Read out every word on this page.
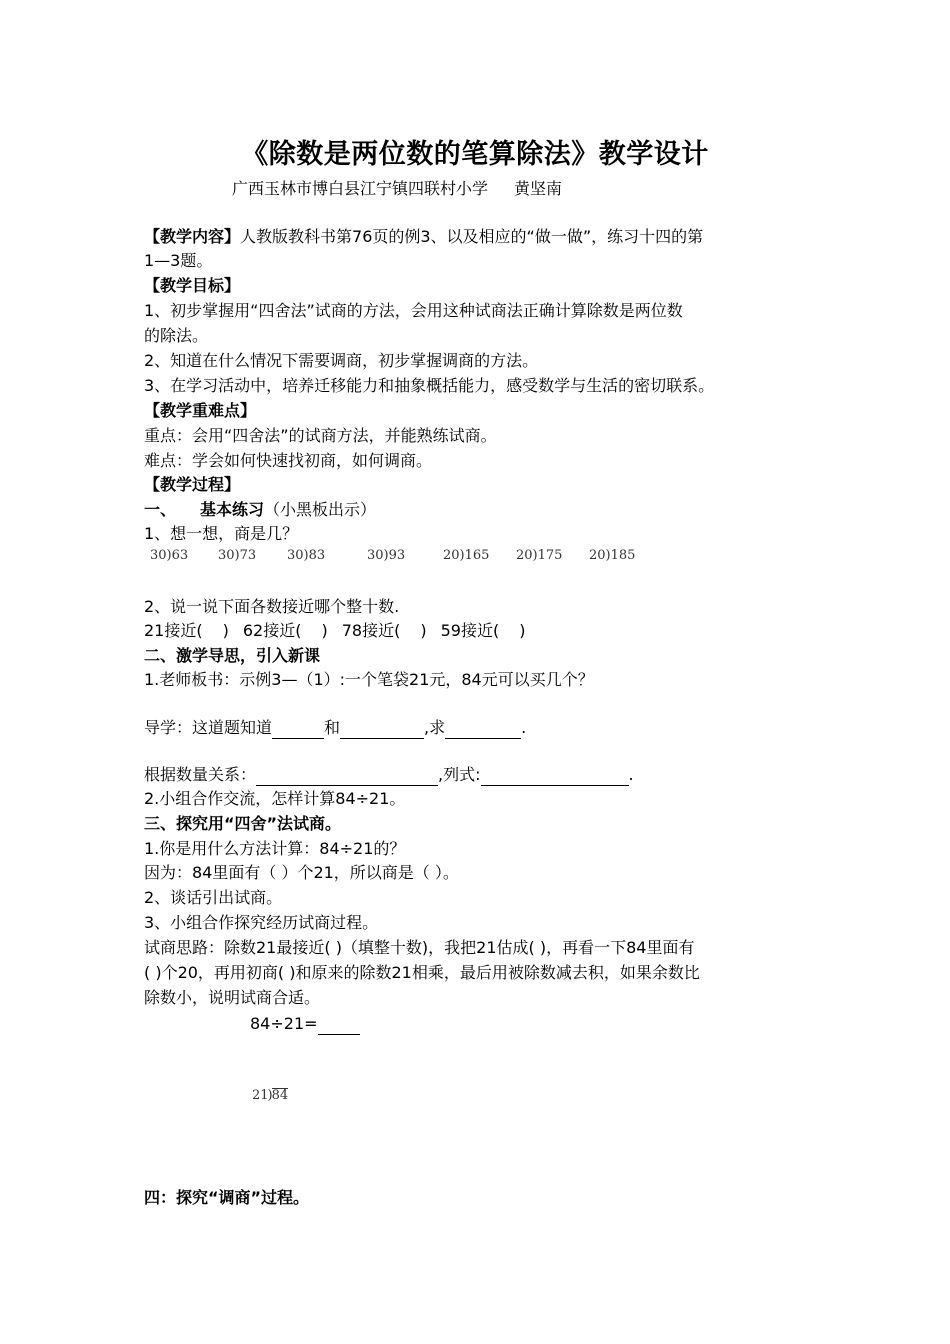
《除数是两位数的笔算除法》教学设计
广西玉林市博白县江宁镇四联村小学 黄坚南
【教学内容】人教版教科书第76页的例3、以及相应的“做一做”，练习十四的第
1—3题。
【教学目标】
1、初步掌握用“四舍法”试商的方法，会用这种试商法正确计算除数是两位数
的除法。
2、知道在什么情况下需要调商，初步掌握调商的方法。
3、在学习活动中，培养迁移能力和抽象概括能力，感受数学与生活的密切联系。
【教学重难点】
重点：会用“四舍法”的试商方法，并能熟练试商。
难点：学会如何快速找初商，如何调商。
【教学过程】
一、 基本练习（小黑板出示）
1、想一想，商是几？
30)63 30)73 30)83	30)93	20)165 20)175 20)185
2、说一说下面各数接近哪个整十数.
21接近( ) 62接近( ) 78接近( ) 59接近( )
二、激学导思，引入新课
1.老师板书：示例3—（1）:一个笔袋21元，84元可以买几个？
导学：这道题知道	和	,求	.
根据数量关系：	,列式:	.
2.小组合作交流，怎样计算84÷21。
三、探究用“四舍”法试商。
1.你是用什么方法计算：84÷21的？
因为：84里面有（ ）个21，所以商是（ ）。
2、谈话引出试商。
3、小组合作探究经历试商过程。
试商思路：除数21最接近( )（填整十数)，我把21估成( )，再看一下84里面有
( )个20，再用初商( )和原来的除数21相乘，最后用被除数减去积，如果余数比
除数小，说明试商合适。
84÷21=
21)84
四：探究“调商”过程。
